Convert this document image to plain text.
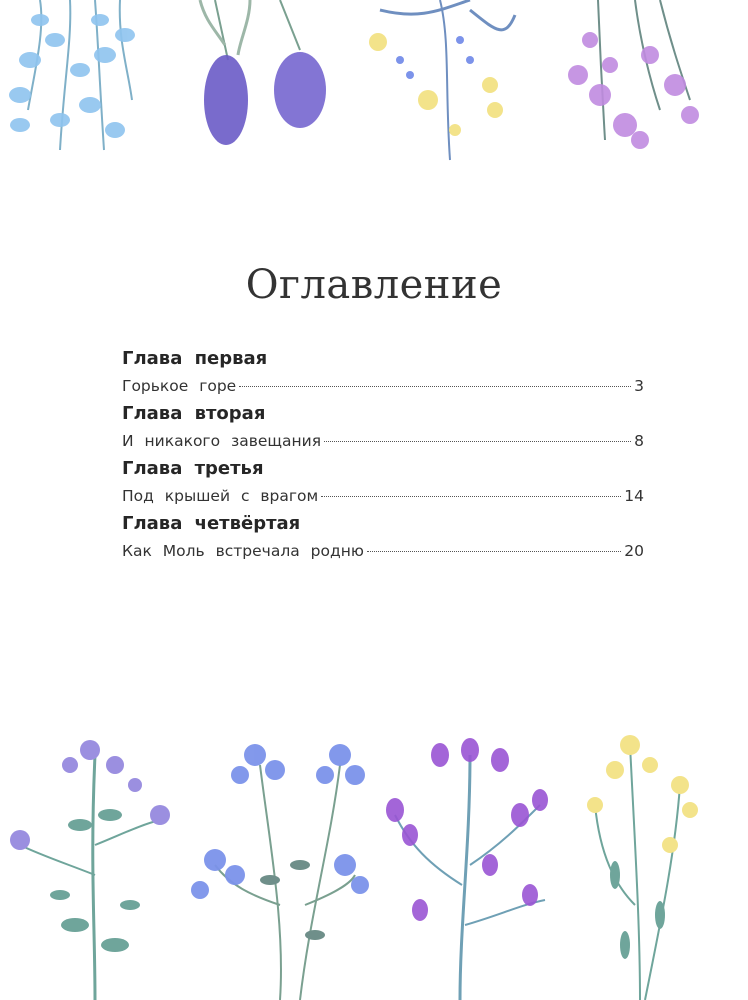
Оглавление
Глава первая
Горькое горе	3
Глава вторая
И никакого завещания	8
Глава третья
Под крышей с врагом	14
Глава четвёртая
Как Моль встречала родню	20
